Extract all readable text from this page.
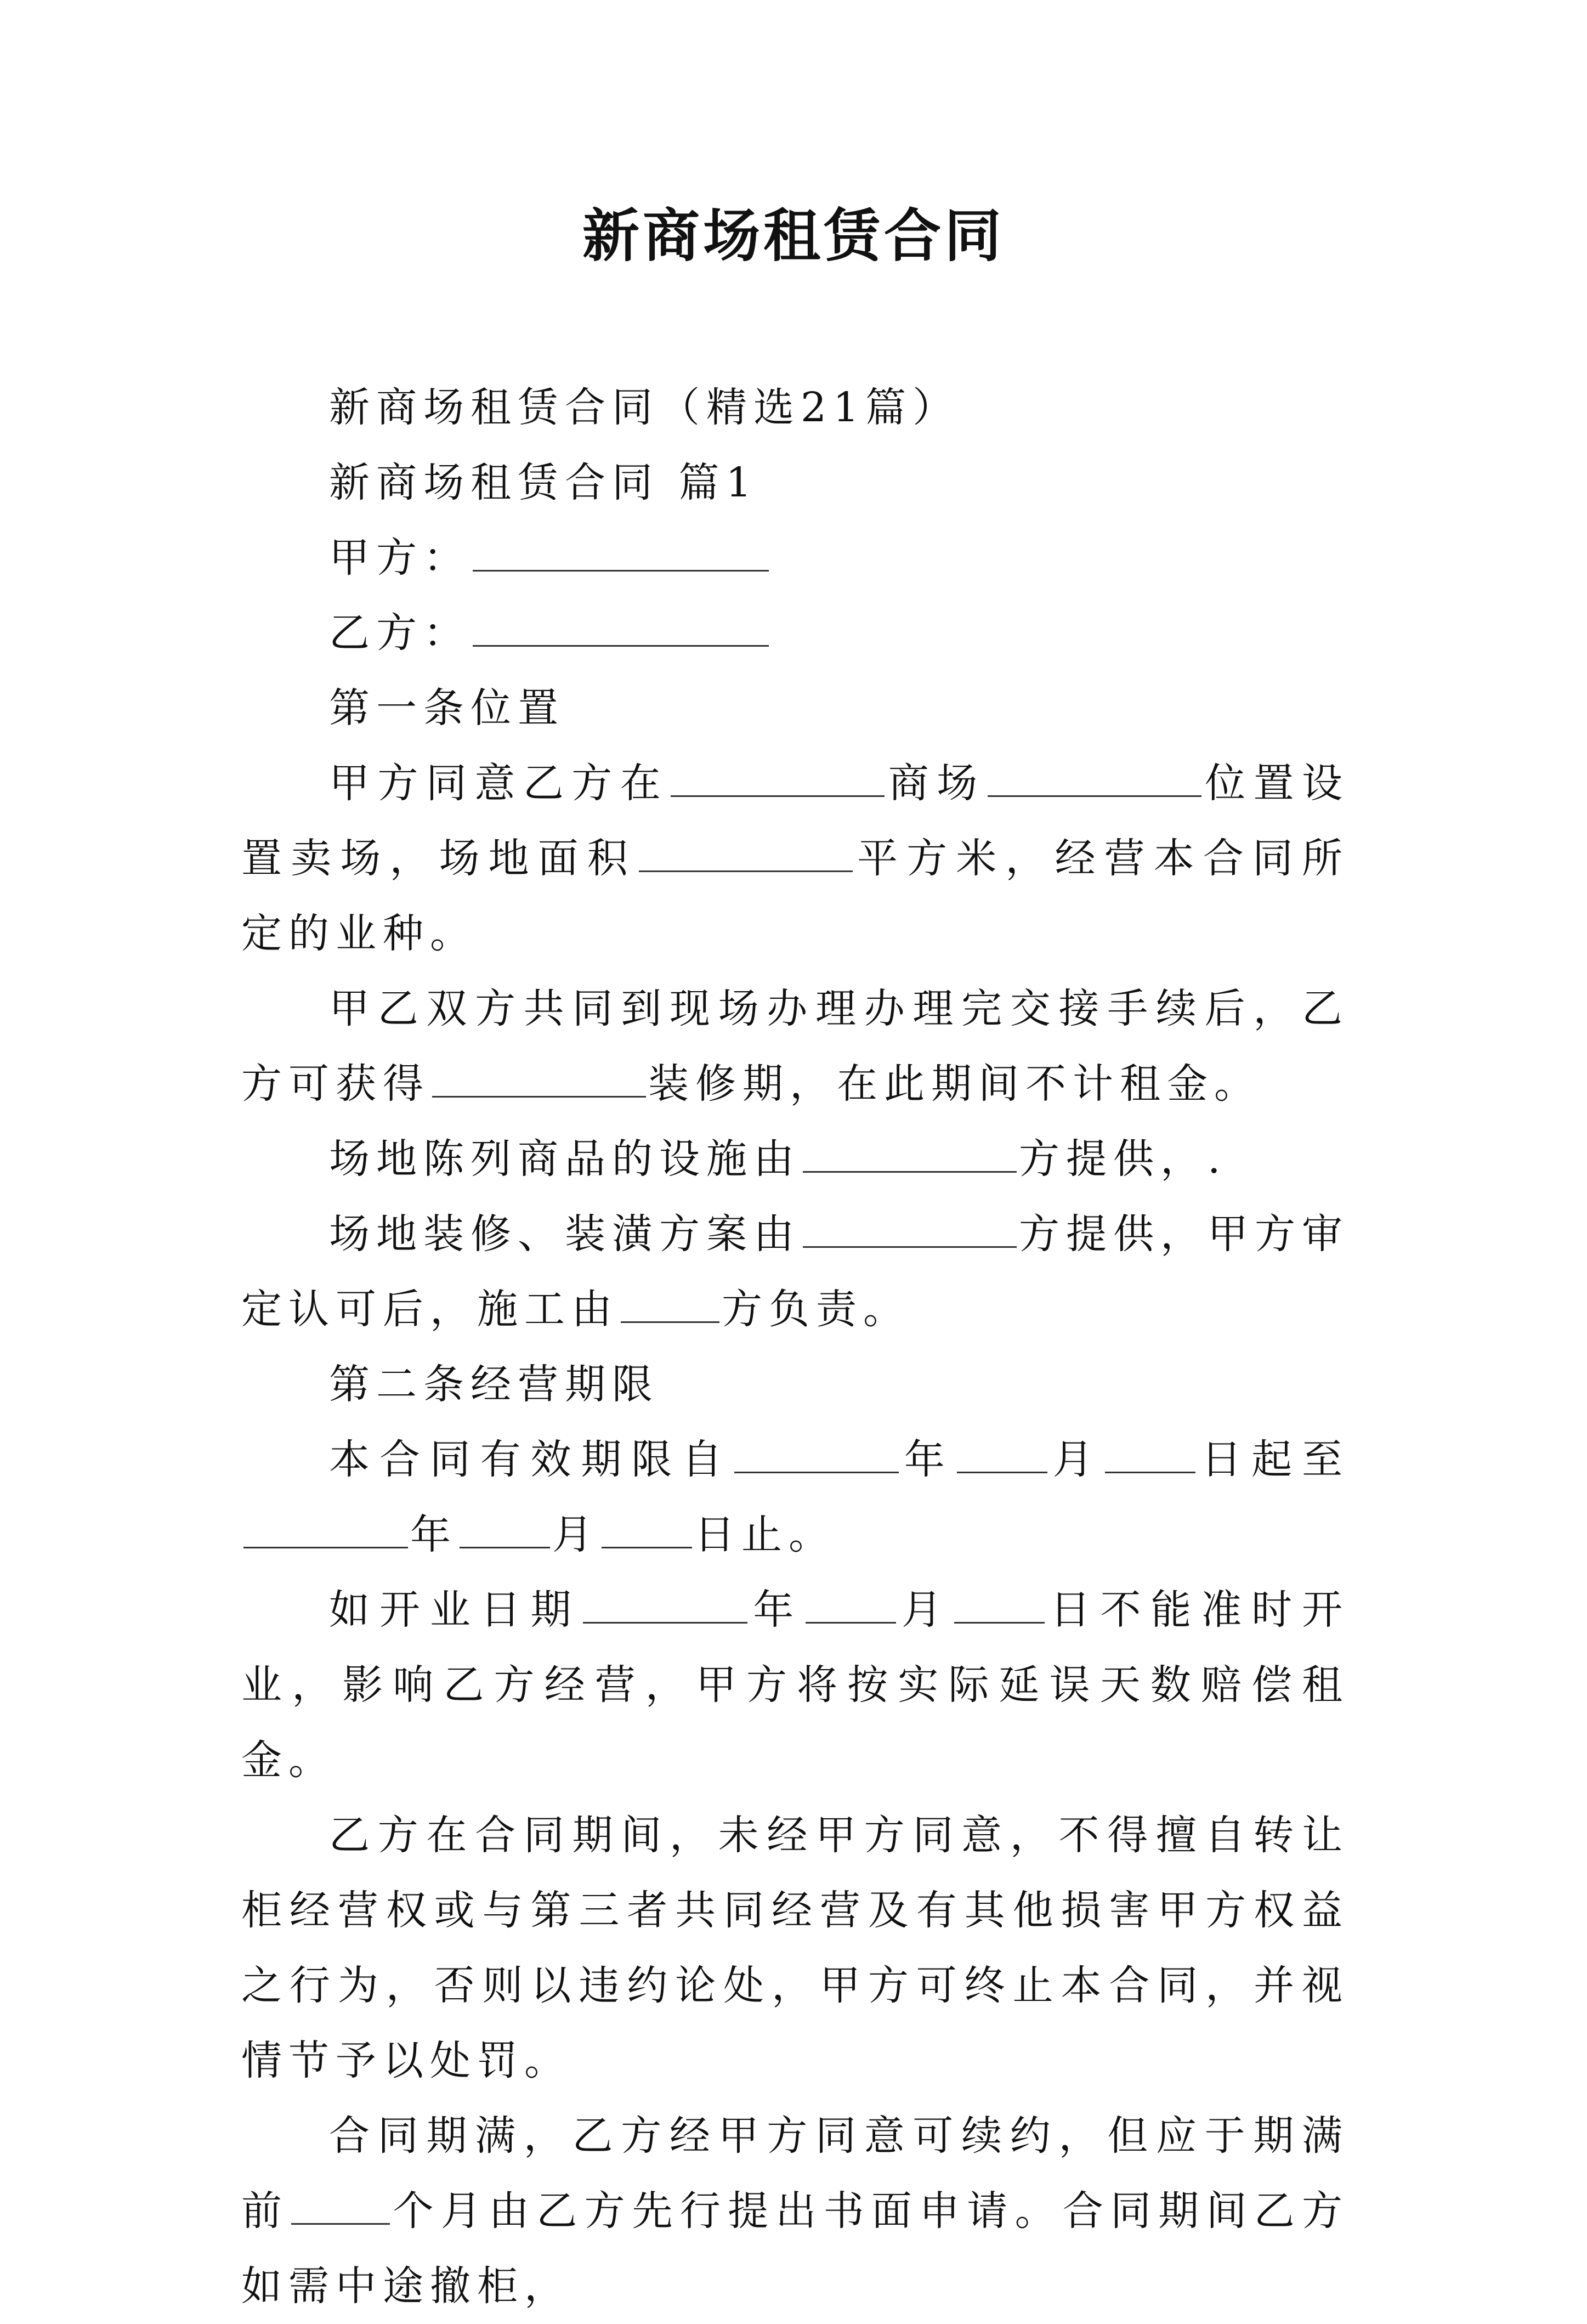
新商场租赁合同

新商场租赁合同（精选21篇）

新商场租赁合同 篇1

甲方：

乙方：

第一条位置

甲方同意乙方在	商场	位置设置卖场，场地面积	平方米，经营本合同所定的业种。

甲乙双方共同到现场办理办理完交接手续后，乙方可获得	装修期，在此期间不计租金。

场地陈列商品的设施由	方提供，.

场地装修、装潢方案由	方提供，甲方审定认可后，施工由	方负责。

第二条经营期限

本合同有效期限自	年 月 日起至年 月 日止。

如开业日期	年 月 日不能准时开业，影响乙方经营，甲方将按实际延误天数赔偿租金。

乙方在合同期间，未经甲方同意，不得擅自转让柜经营权或与第三者共同经营及有其他损害甲方权益之行为，否则以违约论处，甲方可终止本合同，并视情节予以处罚。

合同期满，乙方经甲方同意可续约，但应于期满前	个月由乙方先行提出书面申请。合同期间乙方如需中途撤柜，
